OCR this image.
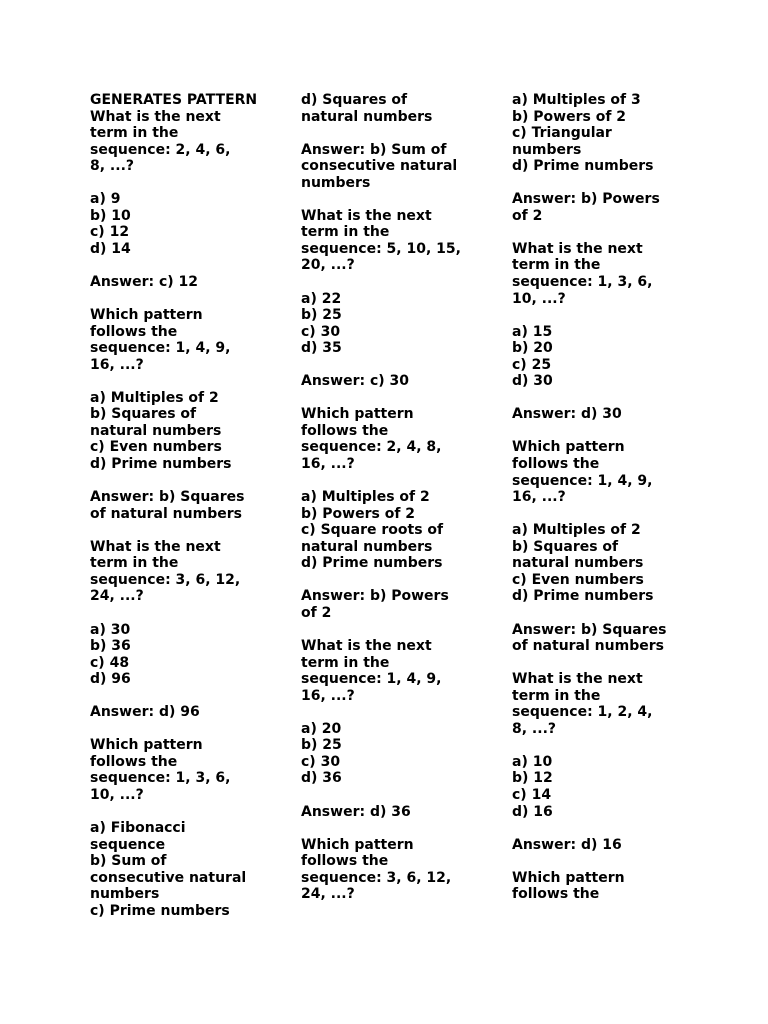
GENERATES PATTERN
What is the next
term in the
sequence: 2, 4, 6,
8, ...?
a) 9
b) 10
c) 12
d) 14
Answer: c) 12
Which pattern
follows the
sequence: 1, 4, 9,
16, ...?
a) Multiples of 2
b) Squares of
natural numbers
c) Even numbers
d) Prime numbers
Answer: b) Squares
of natural numbers
What is the next
term in the
sequence: 3, 6, 12,
24, ...?
a) 30
b) 36
c) 48
d) 96
Answer: d) 96
Which pattern
follows the
sequence: 1, 3, 6,
10, ...?
a) Fibonacci
sequence
b) Sum of
consecutive natural
numbers
c) Prime numbers
d) Squares of
natural numbers
Answer: b) Sum of
consecutive natural
numbers
What is the next
term in the
sequence: 5, 10, 15,
20, ...?
a) 22
b) 25
c) 30
d) 35
Answer: c) 30
Which pattern
follows the
sequence: 2, 4, 8,
16, ...?
a) Multiples of 2
b) Powers of 2
c) Square roots of
natural numbers
d) Prime numbers
Answer: b) Powers
of 2
What is the next
term in the
sequence: 1, 4, 9,
16, ...?
a) 20
b) 25
c) 30
d) 36
Answer: d) 36
Which pattern
follows the
sequence: 3, 6, 12,
24, ...?
a) Multiples of 3
b) Powers of 2
c) Triangular
numbers
d) Prime numbers
Answer: b) Powers
of 2
What is the next
term in the
sequence: 1, 3, 6,
10, ...?
a) 15
b) 20
c) 25
d) 30
Answer: d) 30
Which pattern
follows the
sequence: 1, 4, 9,
16, ...?
a) Multiples of 2
b) Squares of
natural numbers
c) Even numbers
d) Prime numbers
Answer: b) Squares
of natural numbers
What is the next
term in the
sequence: 1, 2, 4,
8, ...?
a) 10
b) 12
c) 14
d) 16
Answer: d) 16
Which pattern
follows the
